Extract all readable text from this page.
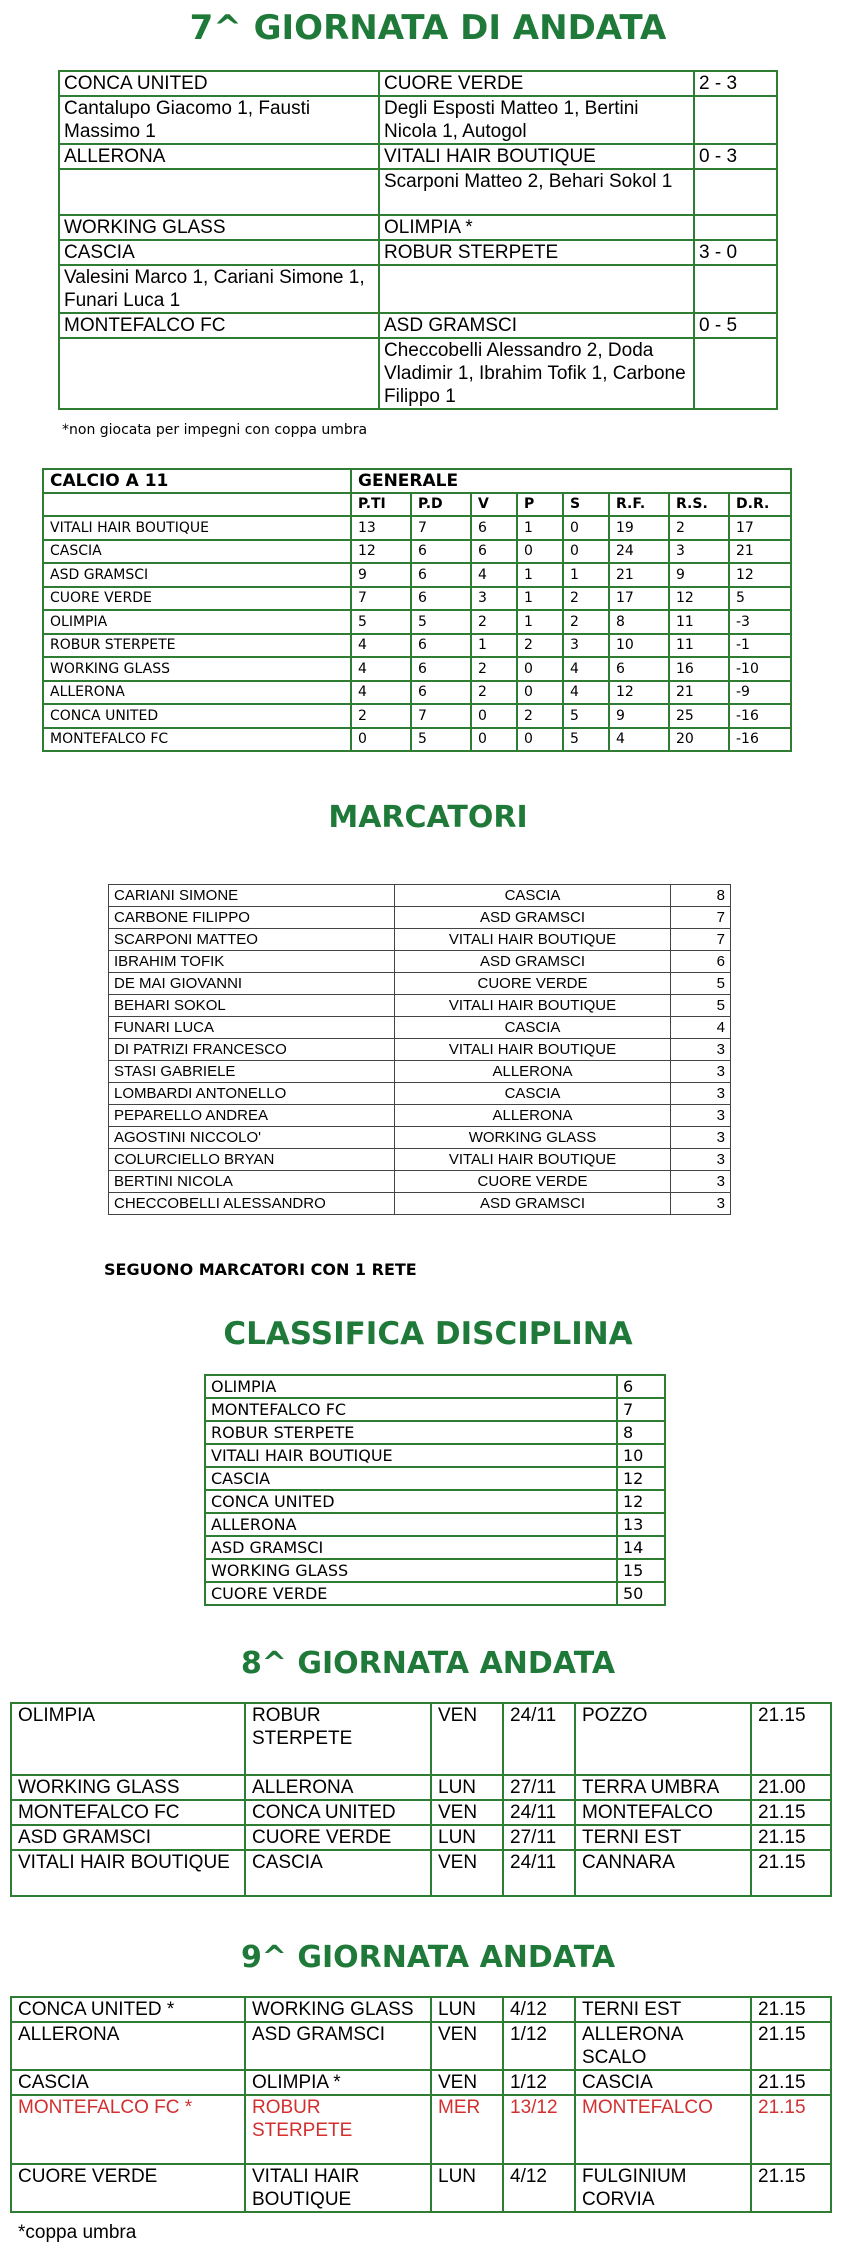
7^ GIORNATA DI ANDATA
CONCA UNITED	CUORE VERDE	2 - 3
Cantalupo Giacomo 1, Fausti Massimo 1	Degli Esposti Matteo 1, Bertini Nicola 1, Autogol	
ALLERONA	VITALI HAIR BOUTIQUE	0 - 3
	Scarponi Matteo 2, Behari Sokol 1	
WORKING GLASS	OLIMPIA *	
CASCIA	ROBUR STERPETE	3 - 0
Valesini Marco 1, Cariani Simone 1, Funari Luca 1		
MONTEFALCO FC	ASD GRAMSCI	0 - 5
	Checcobelli Alessandro 2, Doda Vladimir 1, Ibrahim Tofik 1, Carbone Filippo 1	
*non giocata per impegni con coppa umbra
CALCIO A 11	GENERALE							
	P.TI	P.D	V	P	S	R.F.	R.S.	D.R.
VITALI HAIR BOUTIQUE	13	7	6	1	0	19	2	17
CASCIA	12	6	6	0	0	24	3	21
ASD GRAMSCI	9	6	4	1	1	21	9	12
CUORE VERDE	7	6	3	1	2	17	12	5
OLIMPIA	5	5	2	1	2	8	11	-3
ROBUR STERPETE	4	6	1	2	3	10	11	-1
WORKING GLASS	4	6	2	0	4	6	16	-10
ALLERONA	4	6	2	0	4	12	21	-9
CONCA UNITED	2	7	0	2	5	9	25	-16
MONTEFALCO FC	0	5	0	0	5	4	20	-16
MARCATORI
CARIANI SIMONE	CASCIA	8
CARBONE FILIPPO	ASD GRAMSCI	7
SCARPONI MATTEO	VITALI HAIR BOUTIQUE	7
IBRAHIM TOFIK	ASD GRAMSCI	6
DE MAI GIOVANNI	CUORE VERDE	5
BEHARI SOKOL	VITALI HAIR BOUTIQUE	5
FUNARI LUCA	CASCIA	4
DI PATRIZI FRANCESCO	VITALI HAIR BOUTIQUE	3
STASI GABRIELE	ALLERONA	3
LOMBARDI ANTONELLO	CASCIA	3
PEPARELLO ANDREA	ALLERONA	3
AGOSTINI NICCOLO'	WORKING GLASS	3
COLURCIELLO BRYAN	VITALI HAIR BOUTIQUE	3
BERTINI NICOLA	CUORE VERDE	3
CHECCOBELLI ALESSANDRO	ASD GRAMSCI	3
SEGUONO MARCATORI CON 1 RETE
CLASSIFICA DISCIPLINA
OLIMPIA	6
MONTEFALCO FC	7
ROBUR STERPETE	8
VITALI HAIR BOUTIQUE	10
CASCIA	12
CONCA UNITED	12
ALLERONA	13
ASD GRAMSCI	14
WORKING GLASS	15
CUORE VERDE	50
8^ GIORNATA ANDATA
OLIMPIA	ROBUR STERPETE	VEN	24/11	POZZO	21.15
WORKING GLASS	ALLERONA	LUN	27/11	TERRA UMBRA	21.00
MONTEFALCO FC	CONCA UNITED	VEN	24/11	MONTEFALCO	21.15
ASD GRAMSCI	CUORE VERDE	LUN	27/11	TERNI EST	21.15
VITALI HAIR BOUTIQUE	CASCIA	VEN	24/11	CANNARA	21.15
9^ GIORNATA ANDATA
CONCA UNITED *	WORKING GLASS	LUN	4/12	TERNI EST	21.15
ALLERONA	ASD GRAMSCI	VEN	1/12	ALLERONA SCALO	21.15
CASCIA	OLIMPIA *	VEN	1/12	CASCIA	21.15
MONTEFALCO FC *	ROBUR STERPETE	MER	13/12	MONTEFALCO	21.15
CUORE VERDE	VITALI HAIR BOUTIQUE	LUN	4/12	FULGINIUM CORVIA	21.15
*coppa umbra
